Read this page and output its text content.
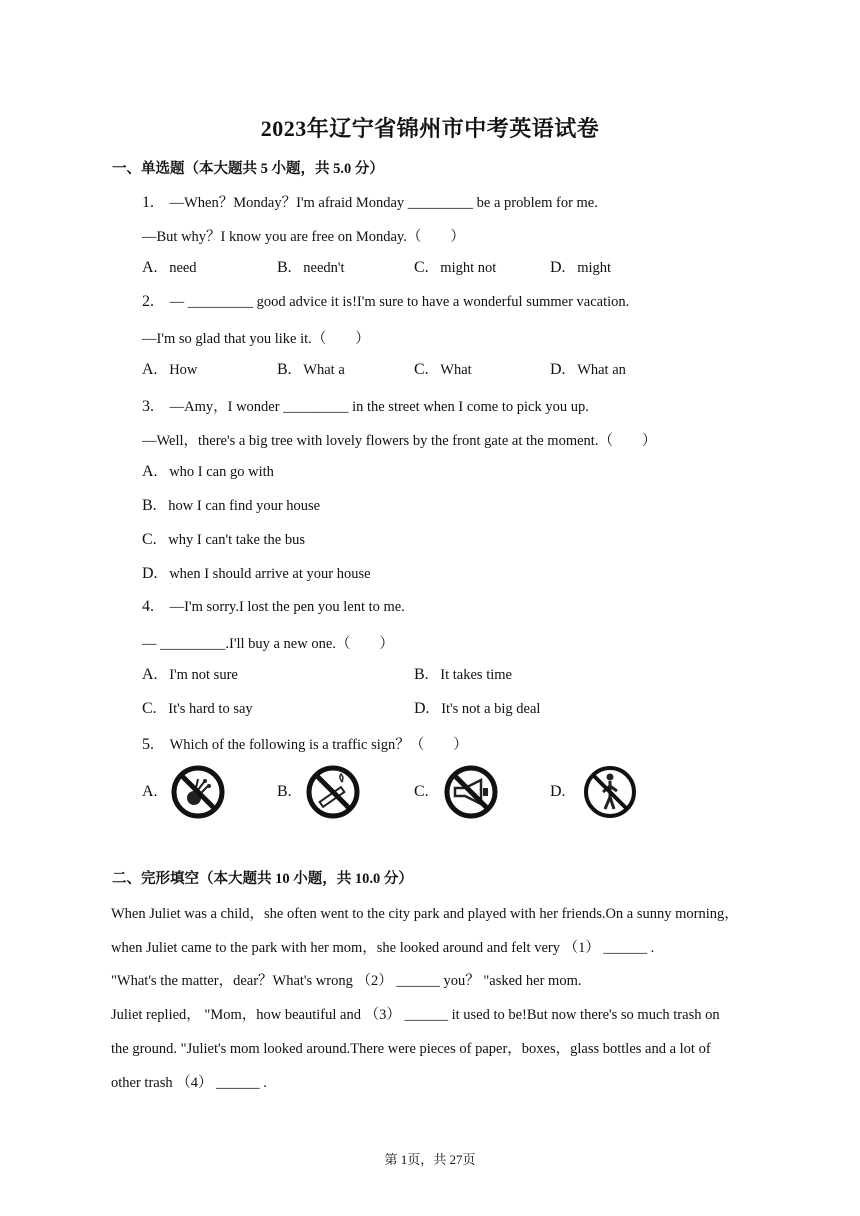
2023年辽宁省锦州市中考英语试卷
一、单选题（本大题共 5 小题，共 5.0 分）
1. —When？Monday？I'm afraid Monday _________ be a problem for me.
—But why？I know you are free on Monday.（　　）
A. need	B. needn't	C. might not	D. might
2. — _________ good advice it is!I'm sure to have a wonderful summer vacation.
—I'm so glad that you like it.（　　）
A. How	B. What a	C. What	D. What an
3. —Amy，I wonder _________ in the street when I come to pick you up.
—Well，there's a big tree with lovely flowers by the front gate at the moment.（　　）
A. who I can go with
B. how I can find your house
C. why I can't take the bus
D. when I should arrive at your house
4. —I'm sorry.I lost the pen you lent to me.
— _________.I'll buy a new one.（　　）
A. I'm not sure	B. It takes time
C. It's hard to say	D. It's not a big deal
5. Which of the following is a traffic sign？（　　）
A.	B.	C.	D.
二、完形填空（本大题共 10 小题，共 10.0 分）
When Juliet was a child，she often went to the city park and played with her friends.On a sunny morning，
when Juliet came to the park with her mom，she looked around and felt very （1） ______ .
"What's the matter，dear？What's wrong （2） ______ you？ "asked her mom.
Juliet replied， "Mom，how beautiful and （3） ______ it used to be!But now there's so much trash on
the ground. "Juliet's mom looked around.There were pieces of paper，boxes，glass bottles and a lot of
other trash （4） ______ .
第 1页，共 27页
